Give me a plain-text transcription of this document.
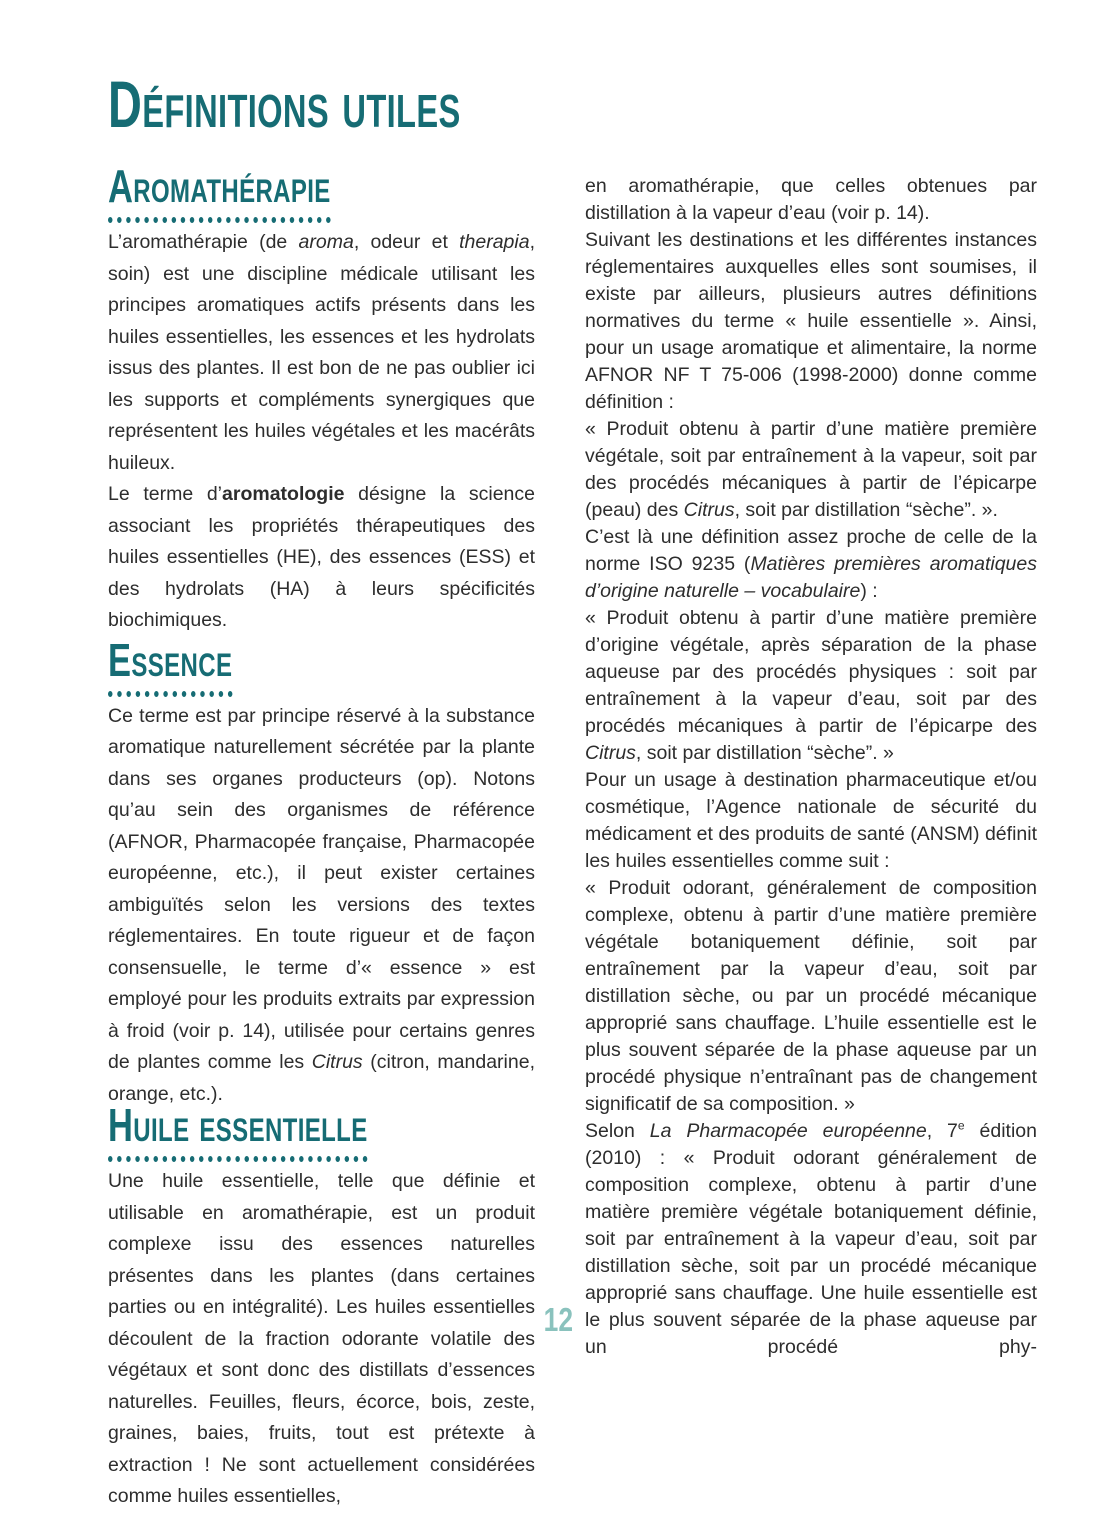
Définitions utiles
Aromathérapie

L’aromathérapie (de aroma, odeur et therapia, soin) est une discipline médicale utilisant les principes aromatiques actifs présents dans les huiles essentielles, les essences et les hydrolats issus des plantes. Il est bon de ne pas oublier ici les supports et compléments synergiques que représentent les huiles végétales et les macérâts huileux.

Le terme d’aromatologie désigne la science associant les propriétés thérapeutiques des huiles essentielles (HE), des essences (ESS) et des hydrolats (HA) à leurs spécificités biochimiques.

Essence

Ce terme est par principe réservé à la substance aromatique naturellement sécrétée par la plante dans ses organes producteurs (op). Notons qu’au sein des organismes de référence (AFNOR, Pharmacopée française, Pharmacopée européenne, etc.), il peut exister certaines ambiguïtés selon les versions des textes réglementaires. En toute rigueur et de façon consensuelle, le terme d’« essence » est employé pour les produits extraits par expression à froid (voir p. 14), utilisée pour certains genres de plantes comme les Citrus (citron, mandarine, orange, etc.).

Huile essentielle

Une huile essentielle, telle que définie et utilisable en aromathérapie, est un produit complexe issu des essences naturelles présentes dans les plantes (dans certaines parties ou en intégralité). Les huiles essentielles découlent de la fraction odorante volatile des végétaux et sont donc des distillats d’essences naturelles. Feuilles, fleurs, écorce, bois, zeste, graines, baies, fruits, tout est prétexte à extraction ! Ne sont actuellement considérées comme huiles essentielles,

en aromathérapie, que celles obtenues par distillation à la vapeur d’eau (voir p. 14).

Suivant les destinations et les différentes instances réglementaires auxquelles elles sont soumises, il existe par ailleurs, plusieurs autres définitions normatives du terme « huile essentielle ». Ainsi, pour un usage aromatique et alimentaire, la norme AFNOR NF T 75-006 (1998-2000) donne comme définition :

« Produit obtenu à partir d’une matière première végétale, soit par entraînement à la vapeur, soit par des procédés mécaniques à partir de l’épicarpe (peau) des Citrus, soit par distillation “sèche”. ».

C’est là une définition assez proche de celle de la norme ISO 9235 (Matières premières aromatiques d’origine naturelle – vocabulaire) :

« Produit obtenu à partir d’une matière première d’origine végétale, après séparation de la phase aqueuse par des procédés physiques : soit par entraînement à la vapeur d’eau, soit par des procédés mécaniques à partir de l’épicarpe des Citrus, soit par distillation “sèche”. »

Pour un usage à destination pharmaceutique et/ou cosmétique, l’Agence nationale de sécurité du médicament et des produits de santé (ANSM) définit les huiles essentielles comme suit :

« Produit odorant, généralement de composition complexe, obtenu à partir d’une matière première végétale botaniquement définie, soit par entraînement par la vapeur d’eau, soit par distillation sèche, ou par un procédé mécanique approprié sans chauffage. L’huile essentielle est le plus souvent séparée de la phase aqueuse par un procédé physique n’entraînant pas de changement significatif de sa composition. »

Selon La Pharmacopée européenne, 7e édition (2010) : « Produit odorant généralement de composition complexe, obtenu à partir d’une matière première végétale botaniquement définie, soit par entraînement à la vapeur d’eau, soit par distillation sèche, soit par un procédé mécanique approprié sans chauffage. Une huile essentielle est le plus souvent séparée de la phase aqueuse par un procédé phy-

12
